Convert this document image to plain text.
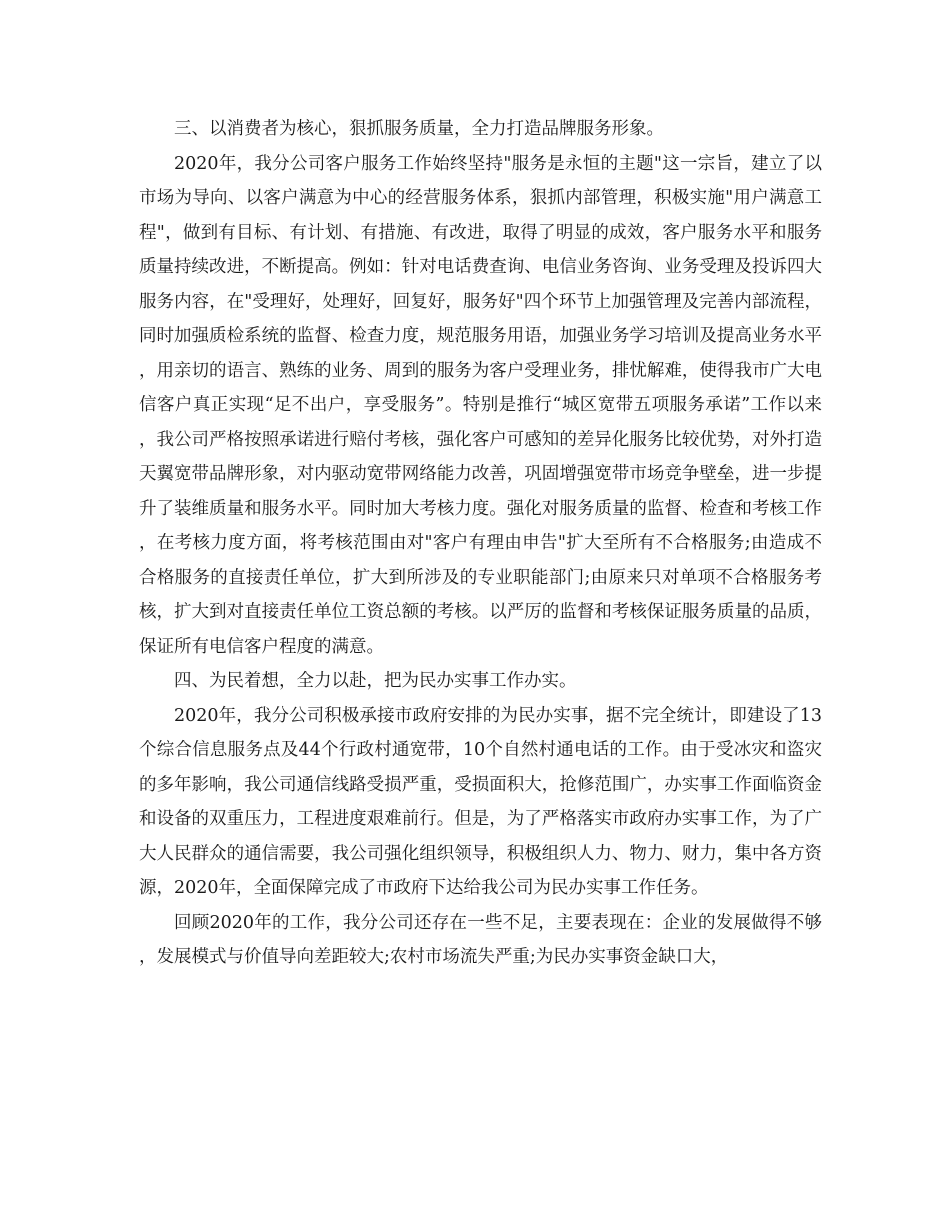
三、以消费者为核心，狠抓服务质量，全力打造品牌服务形象。

2020年，我分公司客户服务工作始终坚持"服务是永恒的主题"这一宗旨，建立了以市场为导向、以客户满意为中心的经营服务体系，狠抓内部管理，积极实施"用户满意工程"，做到有目标、有计划、有措施、有改进，取得了明显的成效，客户服务水平和服务质量持续改进，不断提高。例如：针对电话费查询、电信业务咨询、业务受理及投诉四大服务内容，在"受理好，处理好，回复好，服务好"四个环节上加强管理及完善内部流程，同时加强质检系统的监督、检查力度，规范服务用语，加强业务学习培训及提高业务水平，用亲切的语言、熟练的业务、周到的服务为客户受理业务，排忧解难，使得我市广大电信客户真正实现“足不出户，享受服务”。特别是推行“城区宽带五项服务承诺”工作以来，我公司严格按照承诺进行赔付考核，强化客户可感知的差异化服务比较优势，对外打造天翼宽带品牌形象，对内驱动宽带网络能力改善，巩固增强宽带市场竞争壁垒，进一步提升了装维质量和服务水平。同时加大考核力度。强化对服务质量的监督、检查和考核工作，在考核力度方面，将考核范围由对"客户有理由申告"扩大至所有不合格服务;由造成不合格服务的直接责任单位，扩大到所涉及的专业职能部门;由原来只对单项不合格服务考核，扩大到对直接责任单位工资总额的考核。以严厉的监督和考核保证服务质量的品质，保证所有电信客户程度的满意。

四、为民着想，全力以赴，把为民办实事工作办实。

2020年，我分公司积极承接市政府安排的为民办实事，据不完全统计，即建设了13个综合信息服务点及44个行政村通宽带，10个自然村通电话的工作。由于受冰灾和盗灾的多年影响，我公司通信线路受损严重，受损面积大，抢修范围广，办实事工作面临资金和设备的双重压力，工程进度艰难前行。但是，为了严格落实市政府办实事工作，为了广大人民群众的通信需要，我公司强化组织领导，积极组织人力、物力、财力，集中各方资源，2020年，全面保障完成了市政府下达给我公司为民办实事工作任务。

回顾2020年的工作，我分公司还存在一些不足，主要表现在：企业的发展做得不够，发展模式与价值导向差距较大;农村市场流失严重;为民办实事资金缺口大，
